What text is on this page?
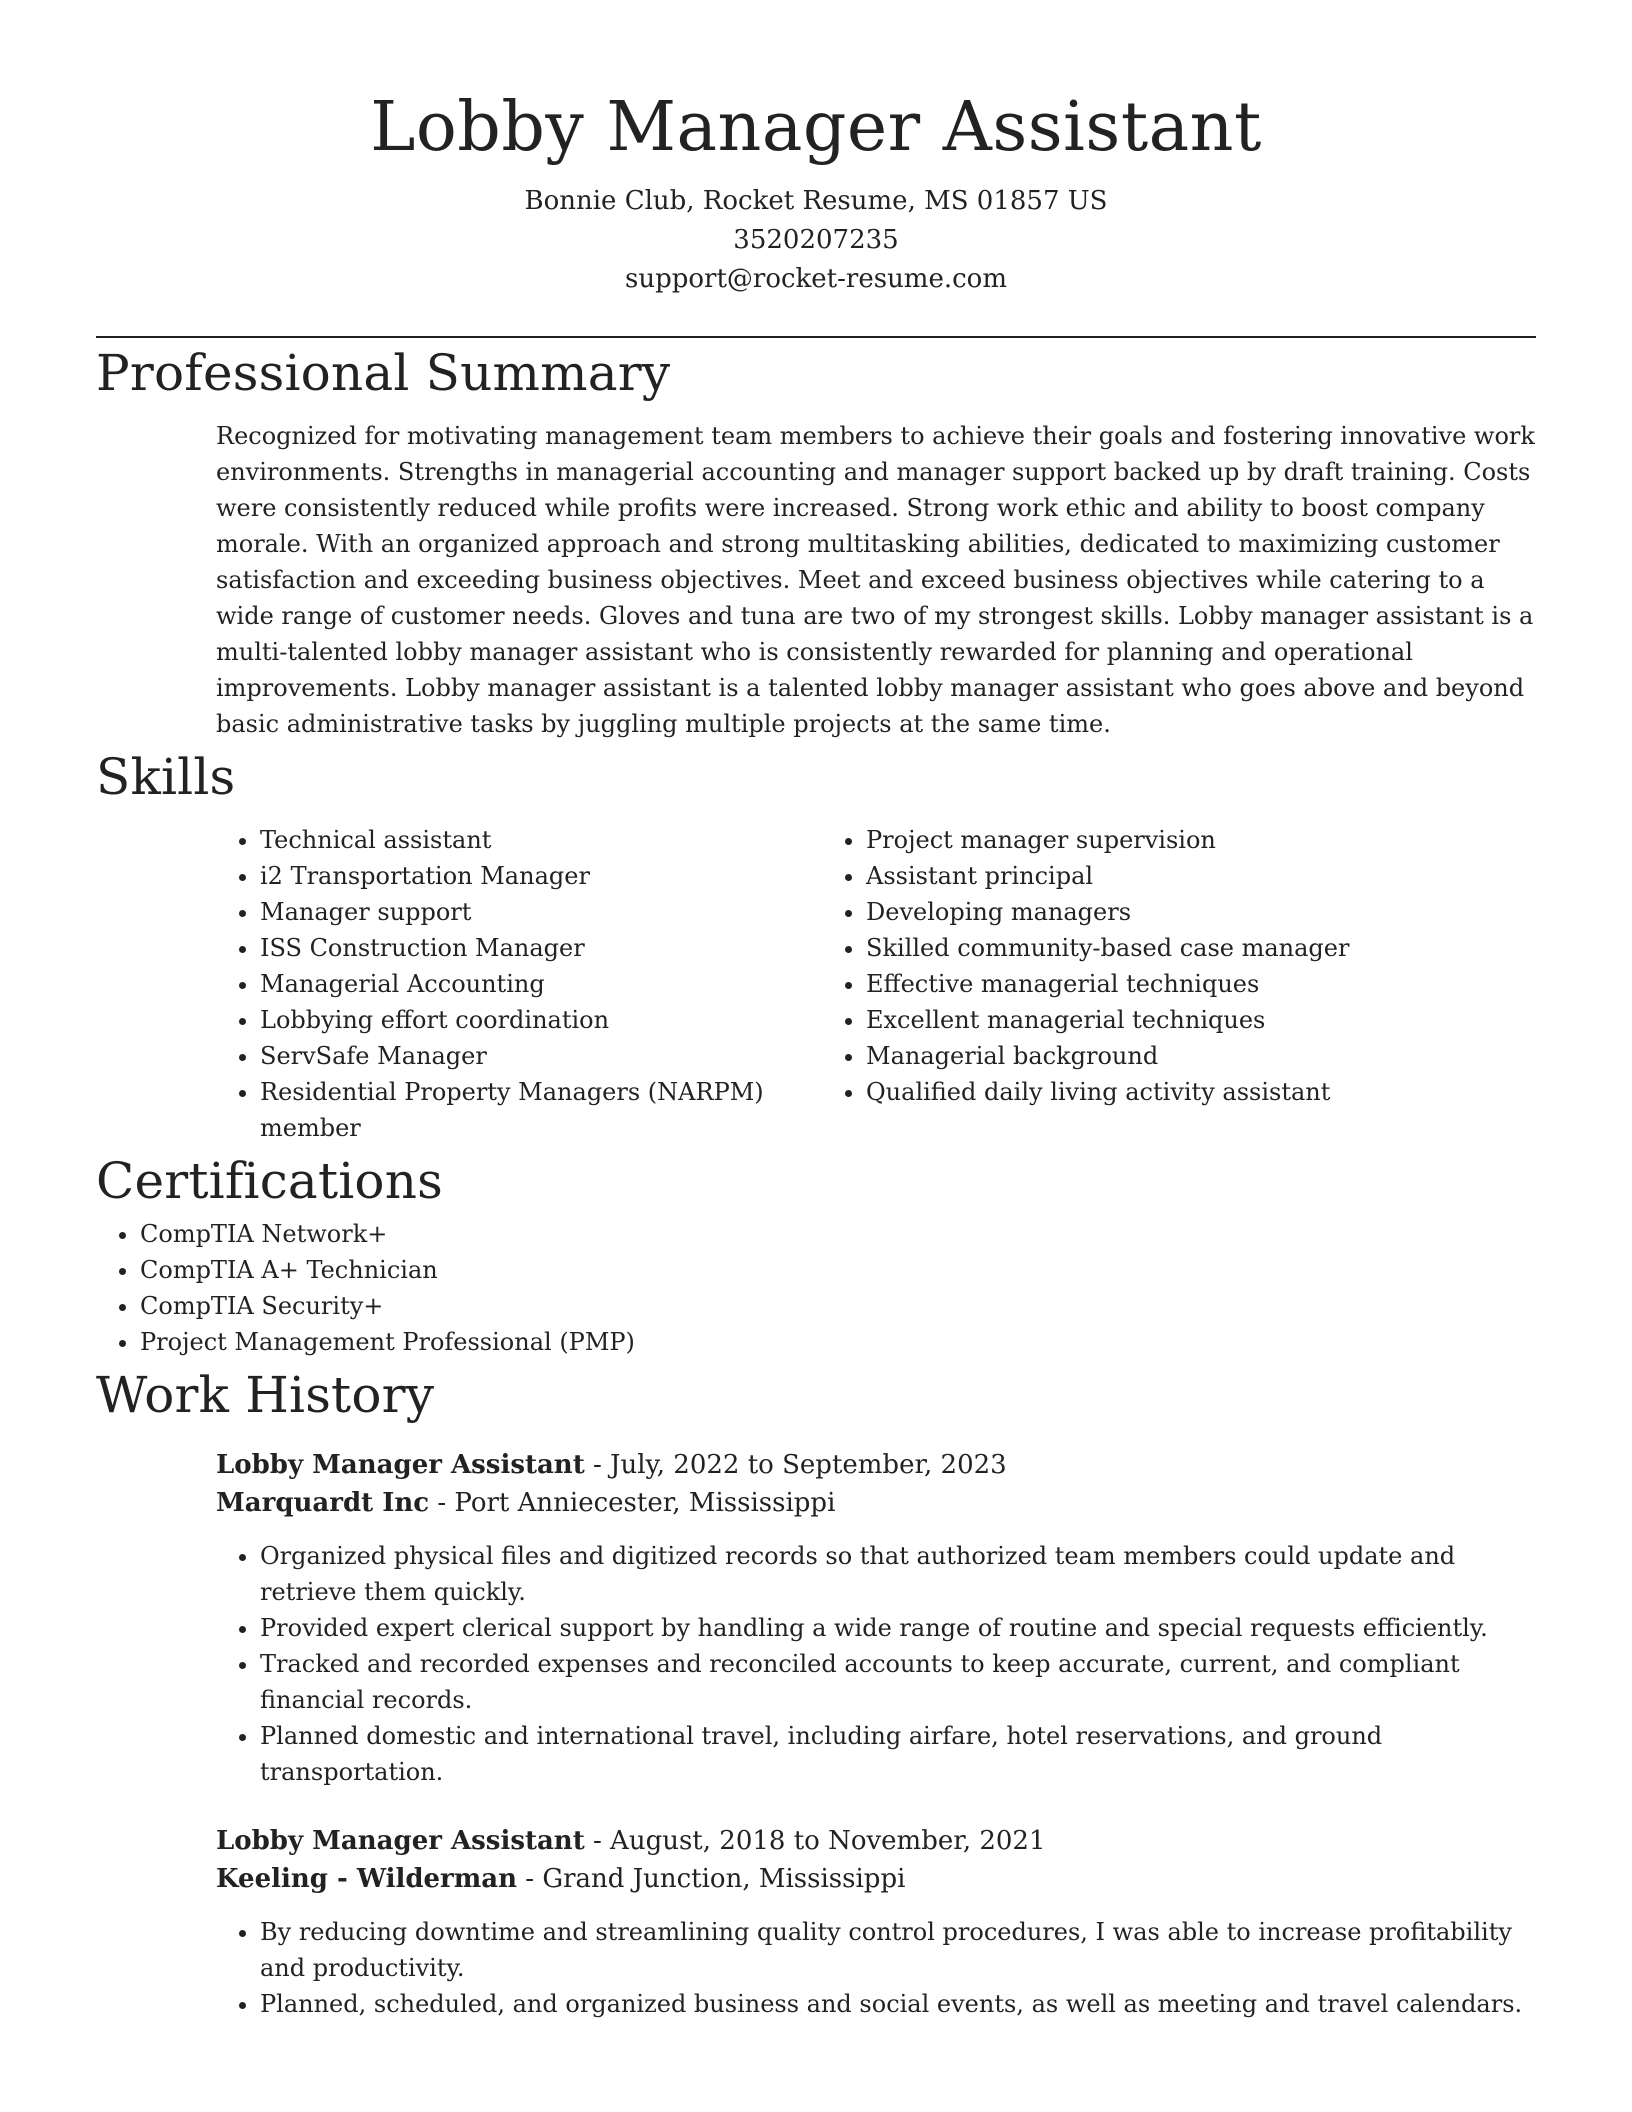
Lobby Manager Assistant
Bonnie Club, Rocket Resume, MS 01857 US
3520207235
support@rocket-resume.com
Professional Summary
Recognized for motivating management team members to achieve their goals and fostering innovative work environments. Strengths in managerial accounting and manager support backed up by draft training. Costs were consistently reduced while profits were increased. Strong work ethic and ability to boost company morale. With an organized approach and strong multitasking abilities, dedicated to maximizing customer satisfaction and exceeding business objectives. Meet and exceed business objectives while catering to a wide range of customer needs. Gloves and tuna are two of my strongest skills. Lobby manager assistant is a multi-talented lobby manager assistant who is consistently rewarded for planning and operational improvements. Lobby manager assistant is a talented lobby manager assistant who goes above and beyond basic administrative tasks by juggling multiple projects at the same time.
Skills
• Technical assistant
• i2 Transportation Manager
• Manager support
• ISS Construction Manager
• Managerial Accounting
• Lobbying effort coordination
• ServSafe Manager
• Residential Property Managers (NARPM) member
• Project manager supervision
• Assistant principal
• Developing managers
• Skilled community-based case manager
• Effective managerial techniques
• Excellent managerial techniques
• Managerial background
• Qualified daily living activity assistant
Certifications
• CompTIA Network+
• CompTIA A+ Technician
• CompTIA Security+
• Project Management Professional (PMP)
Work History
Lobby Manager Assistant - July, 2022 to September, 2023
Marquardt Inc - Port Anniecester, Mississippi
• Organized physical files and digitized records so that authorized team members could update and retrieve them quickly.
• Provided expert clerical support by handling a wide range of routine and special requests efficiently.
• Tracked and recorded expenses and reconciled accounts to keep accurate, current, and compliant financial records.
• Planned domestic and international travel, including airfare, hotel reservations, and ground transportation.
Lobby Manager Assistant - August, 2018 to November, 2021
Keeling - Wilderman - Grand Junction, Mississippi
• By reducing downtime and streamlining quality control procedures, I was able to increase profitability and productivity.
• Planned, scheduled, and organized business and social events, as well as meeting and travel calendars.
